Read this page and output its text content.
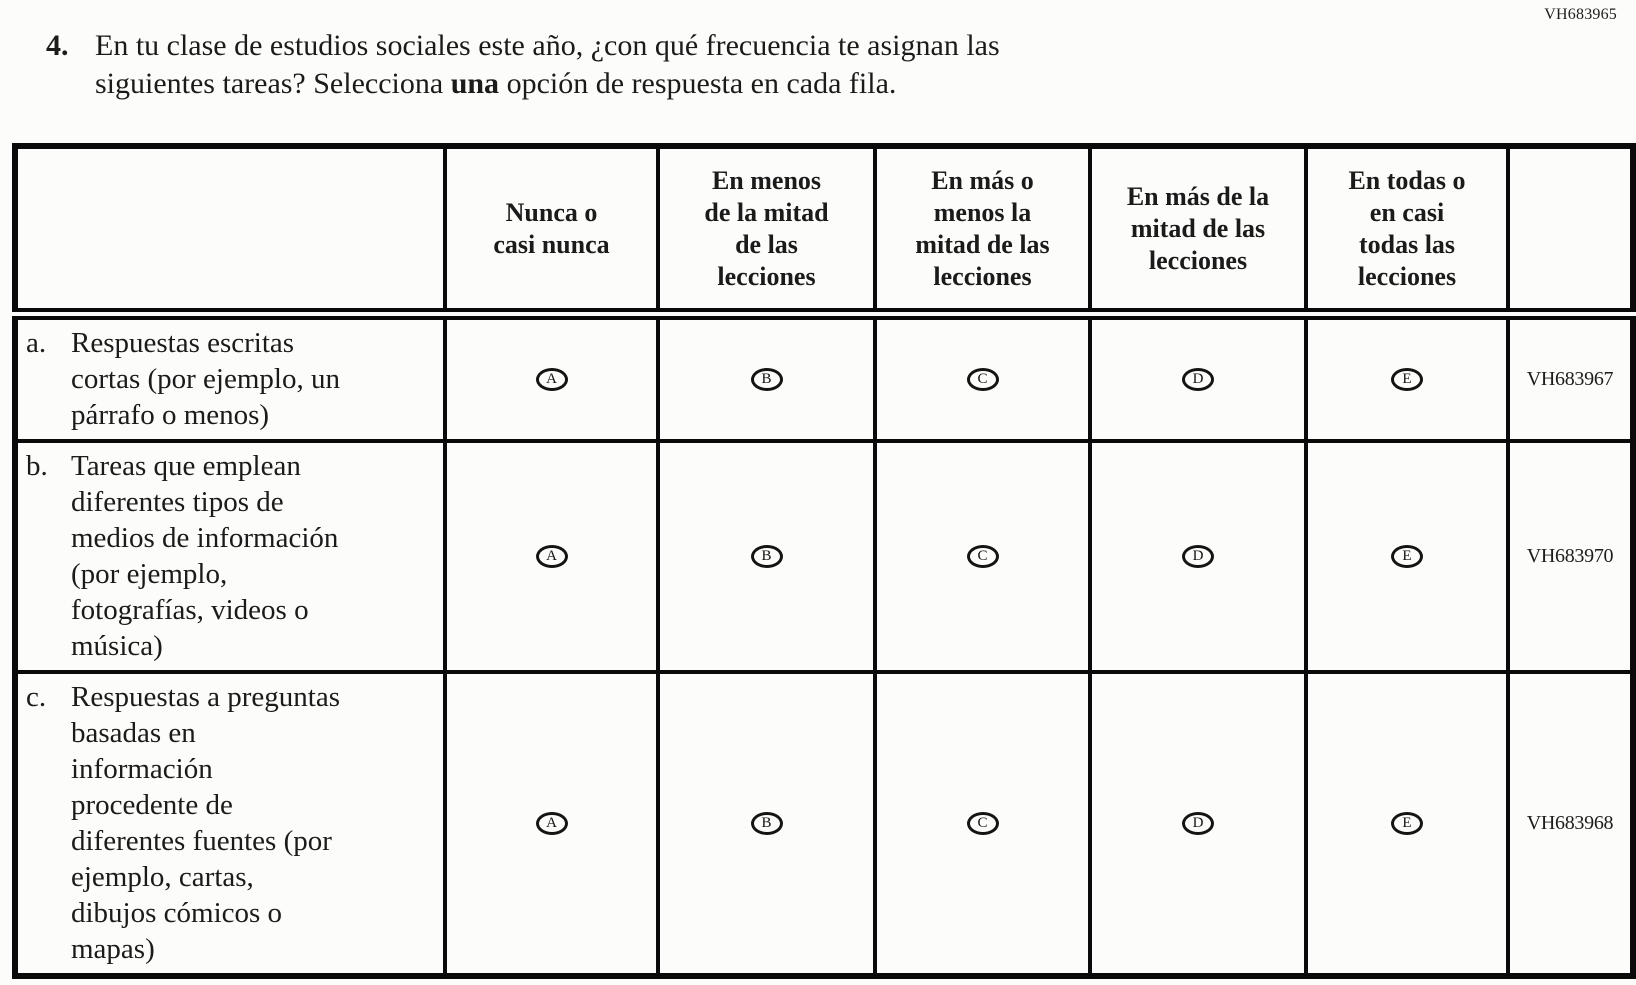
VH683965
4. En tu clase de estudios sociales este año, ¿con qué frecuencia te asignan las
siguientes tareas? Selecciona una opción de respuesta en cada fila.
	Nunca o
casi nunca	En menos
de la mitad
de las
lecciones	En más o
menos la
mitad de las
lecciones	En más de la
mitad de las
lecciones	En todas o
en casi
todas las
lecciones	

a. Respuestas escritas
cortas (por ejemplo, un
párrafo o menos)	A	B	C	D	E	VH683967

b. Tareas que emplean
diferentes tipos de
medios de información
(por ejemplo,
fotografías, videos o
música)

A	B	C	D	E	VH683970

c. Respuestas a preguntas
basadas en
información
procedente de
diferentes fuentes (por
ejemplo, cartas,
dibujos cómicos o
mapas)

A	B	C	D	E	VH683968
